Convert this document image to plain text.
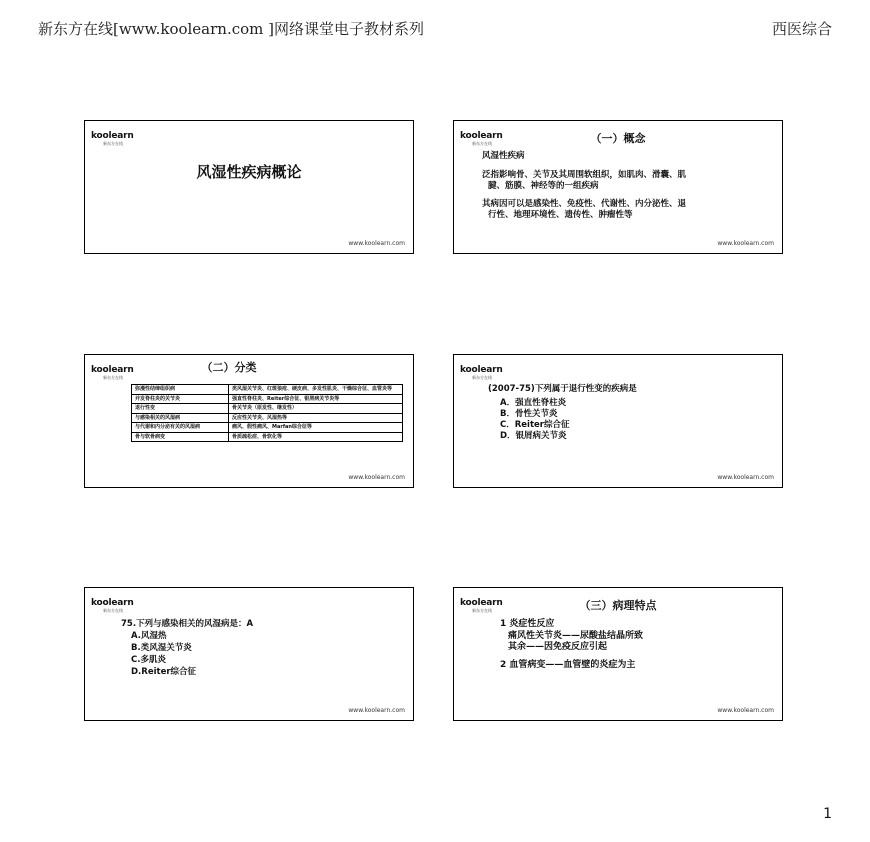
新东方在线[www.koolearn.com ]网络课堂电子教材系列	西医综合
koolearn
新东方在线
风湿性疾病概论
www.koolearn.com
koolearn
新东方在线	（一）概念
风湿性疾病
泛指影响骨、关节及其周围软组织，如肌肉、滑囊、肌
腱、筋膜、神经等的一组疾病
其病因可以是感染性、免疫性、代谢性、内分泌性、退
行性、地理环境性、遗传性、肿瘤性等
www.koolearn.com
koolearn
新东方在线
（二）分类
弥漫性结缔组织病	类风湿关节炎、红斑狼疮、硬皮病、多发性肌炎、干燥综合征、血管炎等
并发脊柱炎的关节炎	强直性脊柱炎、Reiter综合征、银屑病关节炎等
退行性变	骨关节炎（原发性、继发性）
与感染相关的风湿病	反应性关节炎、风湿热等
与代谢和内分泌有关的风湿病	痛风、假性痛风、Marfan综合征等
骨与软骨病变	骨质疏松症、骨软化等
www.koolearn.com
koolearn
新东方在线
(2007-75)下列属于退行性变的疾病是
A．强直性脊柱炎
B．骨性关节炎
C．Reiter综合征
D．银屑病关节炎
www.koolearn.com
koolearn
新东方在线
75.下列与感染相关的风湿病是：A
A.风湿热
B.类风湿关节炎
C.多肌炎
D.Reiter综合征
www.koolearn.com
koolearn
新东方在线	（三）病理特点
1 炎症性反应
痛风性关节炎——尿酸盐结晶所致
其余——因免疫反应引起
2 血管病变——血管壁的炎症为主
www.koolearn.com
1
